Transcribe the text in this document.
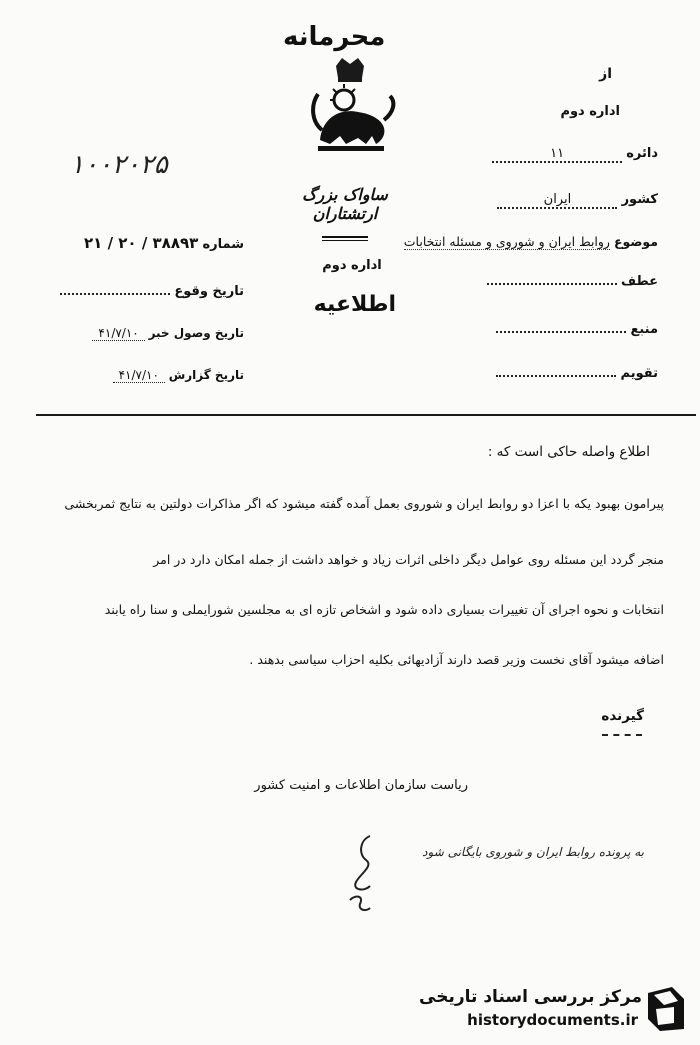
محرمانه
ساواک بزرگ ارتشتاران
اداره دوم
اطلاعیه
۱۰۰۲۰۲۵
از
اداره دوم
دائره ۱۱
کشور ایران
موضوع روابط ایران و شوروی و مسئله انتخابات
عطف
منبع
تقویم
شماره ۳۸۸۹۳ / ۲۰ / ۲۱
تاریخ وقوع
تاریخ وصول خبر ۴۱/۷/۱۰
تاریخ گزارش ۴۱/۷/۱۰
اطلاع واصله حاکی است که :
پیرامون بهبود یکه با اعزا دو روابط ایران و شوروی بعمل آمده گفته میشود که اگر مذاکرات دولتین به نتایج ثمربخشی
منجر گردد این مسئله روی عوامل دیگر داخلی اثرات زیاد و خواهد داشت از جمله امکان دارد در امر
انتخابات و نحوه اجرای آن تغییرات بسیاری داده شود و اشخاص تازه ای به مجلسین شورایملی و سنا راه یابند
اضافه میشود آقای نخست وزیر قصد دارند آزادیهائی بکلیه احزاب سیاسی بدهند .
گیرنده
ریاست سازمان اطلاعات و امنیت کشور
به پرونده روابط ایران و شوروی بایگانی شود
مرکز بررسی اسناد تاریخی
historydocuments.ir
